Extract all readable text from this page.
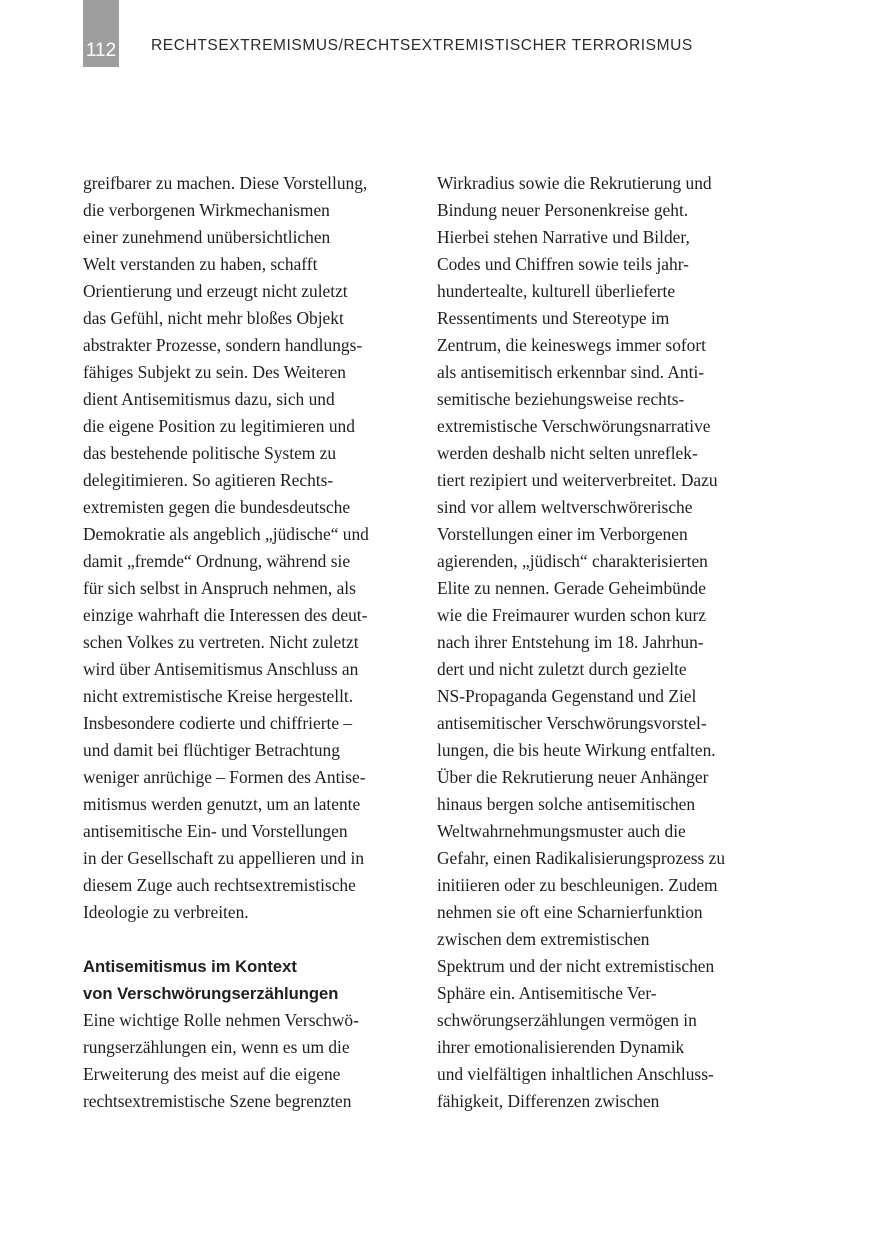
112 RECHTSEXTREMISMUS/RECHTSEXTREMISTISCHER TERRORISMUS
greifbarer zu machen. Diese Vorstellung,
die verborgenen Wirkmechanismen
einer zunehmend unübersichtlichen
Welt verstanden zu haben, schafft
Orientierung und erzeugt nicht zuletzt
das Gefühl, nicht mehr bloßes Objekt
abstrakter Prozesse, sondern handlungs-
fähiges Subjekt zu sein. Des Weiteren
dient Antisemitismus dazu, sich und
die eigene Position zu legitimieren und
das bestehende politische System zu
delegitimieren. So agitieren Rechts-
extremisten gegen die bundesdeutsche
Demokratie als angeblich „jüdische“ und
damit „fremde“ Ordnung, während sie
für sich selbst in Anspruch nehmen, als
einzige wahrhaft die Interessen des deut-
schen Volkes zu vertreten. Nicht zuletzt
wird über Antisemitismus Anschluss an
nicht extremistische Kreise hergestellt.
Insbesondere codierte und chiffrierte –
und damit bei flüchtiger Betrachtung
weniger anrüchige – Formen des Antise-
mitismus werden genutzt, um an latente
antisemitische Ein- und Vorstellungen
in der Gesellschaft zu appellieren und in
diesem Zuge auch rechtsextremistische
Ideologie zu verbreiten.
Antisemitismus im Kontext
von Verschwörungserzählungen
Eine wichtige Rolle nehmen Verschwö-
rungserzählungen ein, wenn es um die
Erweiterung des meist auf die eigene
rechtsextremistische Szene begrenzten
Wirkradius sowie die Rekrutierung und
Bindung neuer Personenkreise geht.
Hierbei stehen Narrative und Bilder,
Codes und Chiffren sowie teils jahr-
hundertealte, kulturell überlieferte
Ressentiments und Stereotype im
Zentrum, die keineswegs immer sofort
als antisemitisch erkennbar sind. Anti-
semitische beziehungsweise rechts-
extremistische Verschwörungsnarrative
werden deshalb nicht selten unreflek-
tiert rezipiert und weiterverbreitet. Dazu
sind vor allem weltverschwörerische
Vorstellungen einer im Verborgenen
agierenden, „jüdisch“ charakterisierten
Elite zu nennen. Gerade Geheimbünde
wie die Freimaurer wurden schon kurz
nach ihrer Entstehung im 18. Jahrhun-
dert und nicht zuletzt durch gezielte
NS-Propaganda Gegenstand und Ziel
antisemitischer Verschwörungsvorstel-
lungen, die bis heute Wirkung entfalten.
Über die Rekrutierung neuer Anhänger
hinaus bergen solche antisemitischen
Weltwahrnehmungsmuster auch die
Gefahr, einen Radikalisierungsprozess zu
initiieren oder zu beschleunigen. Zudem
nehmen sie oft eine Scharnierfunktion
zwischen dem extremistischen
Spektrum und der nicht extremistischen
Sphäre ein. Antisemitische Ver-
schwörungserzählungen vermögen in
ihrer emotionalisierenden Dynamik
und vielfältigen inhaltlichen Anschluss-
fähigkeit, Differenzen zwischen
